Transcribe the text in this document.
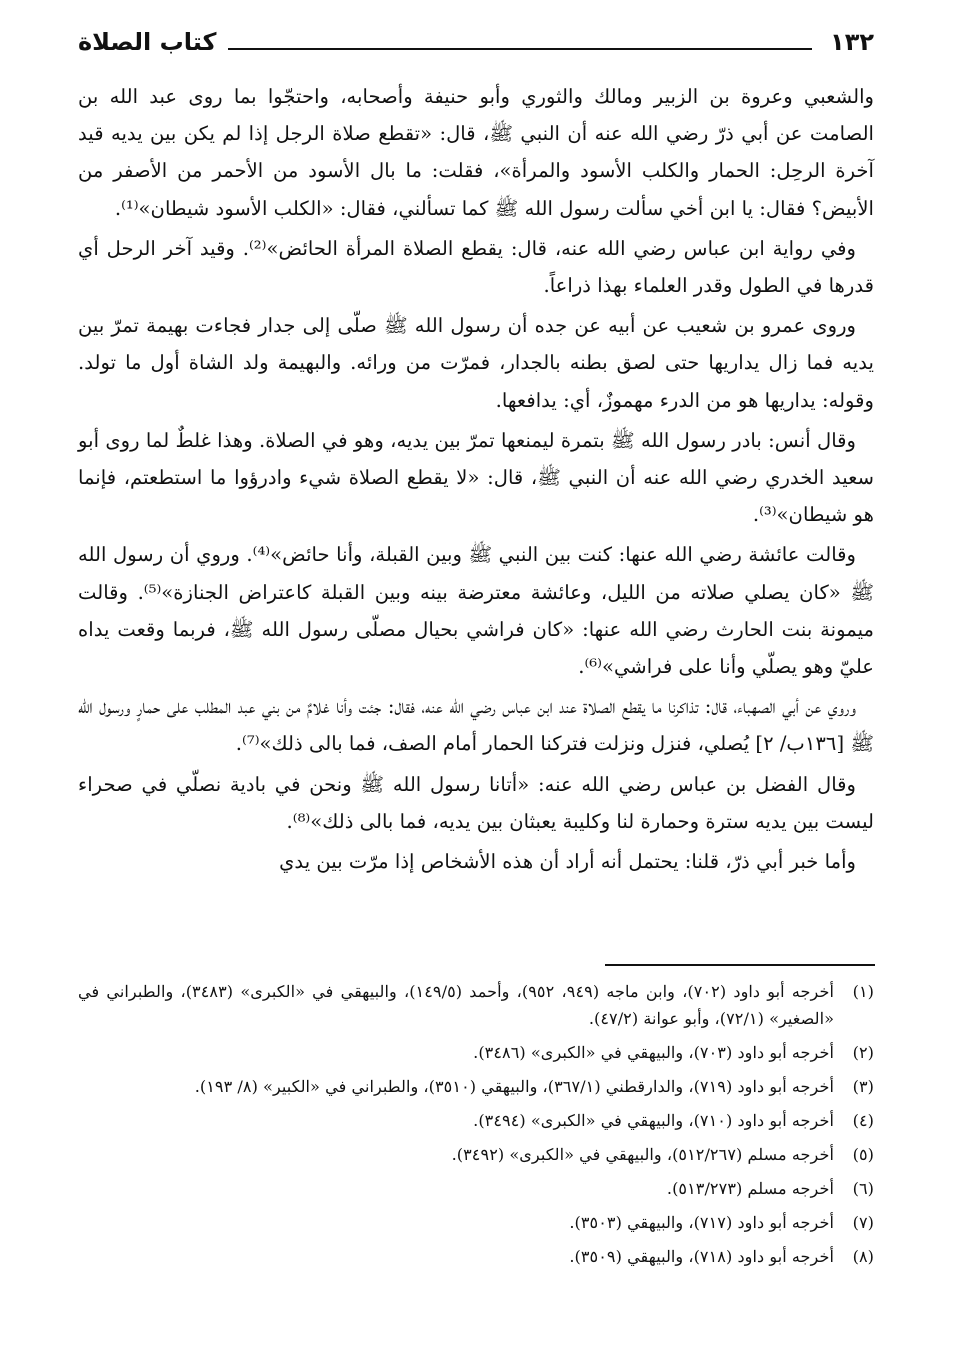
١٣٢
كتاب الصلاة

والشعبي وعروة بن الزبير ومالك والثوري وأبو حنيفة وأصحابه، واحتجّوا بما روى عبد الله بن الصامت عن أبي ذرّ رضي الله عنه أن النبي ﷺ، قال: «تقطع صلاة الرجل إذا لم يكن بين يديه قيد آخرة الرحِل: الحمار والكلب الأسود والمرأة»، فقلت: ما بال الأسود من الأحمر من الأصفر من الأبيض؟ فقال: يا ابن أخي سألت رسول الله ﷺ كما تسألني، فقال: «الكلب الأسود شيطان»⁽¹⁾.

وفي رواية ابن عباس رضي الله عنه، قال: يقطع الصلاة المرأة الحائض»⁽²⁾. وقيد آخر الرحل أي قدرها في الطول وقدر العلماء بهذا ذراعاً.

وروى عمرو بن شعيب عن أبيه عن جده أن رسول الله ﷺ صلّى إلى جدار فجاءت بهيمة تمرّ بين يديه فما زال يداريها حتى لصق بطنه بالجدار، فمرّت من ورائه. والبهيمة ولد الشاة أول ما تولد. وقوله: يداريها هو من الدرء مهموزٌ، أي: يدافعها.

وقال أنس: بادر رسول الله ﷺ بتمرة ليمنعها تمرّ بين يديه، وهو في الصلاة. وهذا غلطٌ لما روى أبو سعيد الخدري رضي الله عنه أن النبي ﷺ، قال: «لا يقطع الصلاة شيء وادرؤوا ما استطعتم، فإنما هو شيطان»⁽³⁾.

وقالت عائشة رضي الله عنها: كنت بين النبي ﷺ وبين القبلة، وأنا حائض»⁽⁴⁾. وروي أن رسول الله ﷺ «كان يصلي صلاته من الليل، وعائشة معترضة بينه وبين القبلة كاعتراض الجنازة»⁽⁵⁾. وقالت ميمونة بنت الحارث رضي الله عنها: «كان فراشي بحيال مصلّى رسول الله ﷺ، فربما وقعت يداه عليّ وهو يصلّي وأنا على فراشي»⁽⁶⁾.

وروي عن أبي الصهباء، قال: تذاكرنا ما يقطع الصلاة عند ابن عباس رضي الله عنه، فقال: جئت وأنا غلامٌ من بني عبد المطلب على حمارٍ ورسول الله ﷺ [١٣٦ب/ ٢] يُصلي، فنزل ونزلت فتركنا الحمار أمام الصف، فما بالى ذلك»⁽⁷⁾.

وقال الفضل بن عباس رضي الله عنه: «أتانا رسول الله ﷺ ونحن في بادية نصلّي في صحراء ليست بين يديه سترة وحمارة لنا وكليبة يعبثان بين يديه، فما بالى ذلك»⁽⁸⁾.

وأما خبر أبي ذرّ، قلنا: يحتمل أنه أراد أن هذه الأشخاص إذا مرّت بين يدي

(١)
أخرجه أبو داود (٧٠٢)، وابن ماجه (٩٤٩، ٩٥٢)، وأحمد (١٤٩/٥)، والبيهقي في «الكبرى» (٣٤٨٣)، والطبراني في «الصغير» (٧٢/١)، وأبو عوانة (٤٧/٢).
(٢)
أخرجه أبو داود (٧٠٣)، والبيهقي في «الكبرى» (٣٤٨٦).
(٣)
أخرجه أبو داود (٧١٩)، والدارقطني (٣٦٧/١)، والبيهقي (٣٥١٠)، والطبراني في «الكبير» (٨/ ١٩٣).
(٤)
أخرجه أبو داود (٧١٠)، والبيهقي في «الكبرى» (٣٤٩٤).
(٥)
أخرجه مسلم (٥١٢/٢٦٧)، والبيهقي في «الكبرى» (٣٤٩٢).
(٦)
أخرجه مسلم (٥١٣/٢٧٣).
(٧)
أخرجه أبو داود (٧١٧)، والبيهقي (٣٥٠٣).
(٨)
أخرجه أبو داود (٧١٨)، والبيهقي (٣٥٠٩).
